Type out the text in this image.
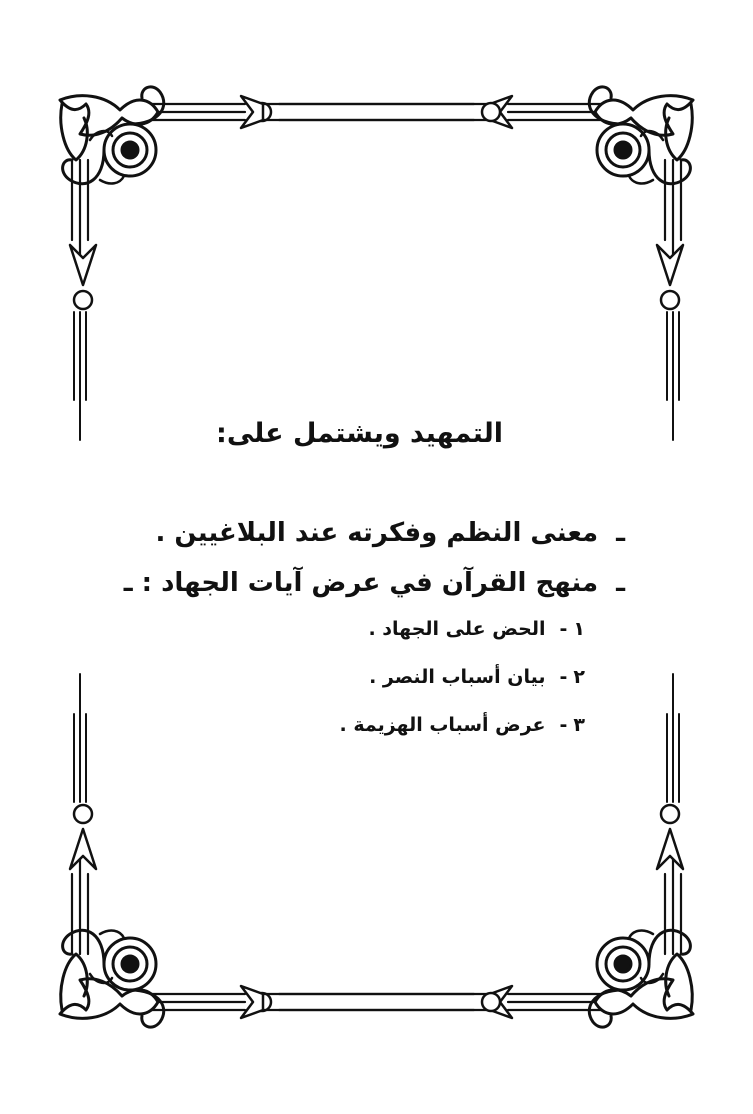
التمهيد ويشتمل على:
ـمعنى النظم وفكرته عند البلاغيين .
ـمنهج القرآن في عرض آيات الجهاد : ـ
١-الحض على الجهاد .
٢-بيان أسباب النصر .
٣-عرض أسباب الهزيمة .
